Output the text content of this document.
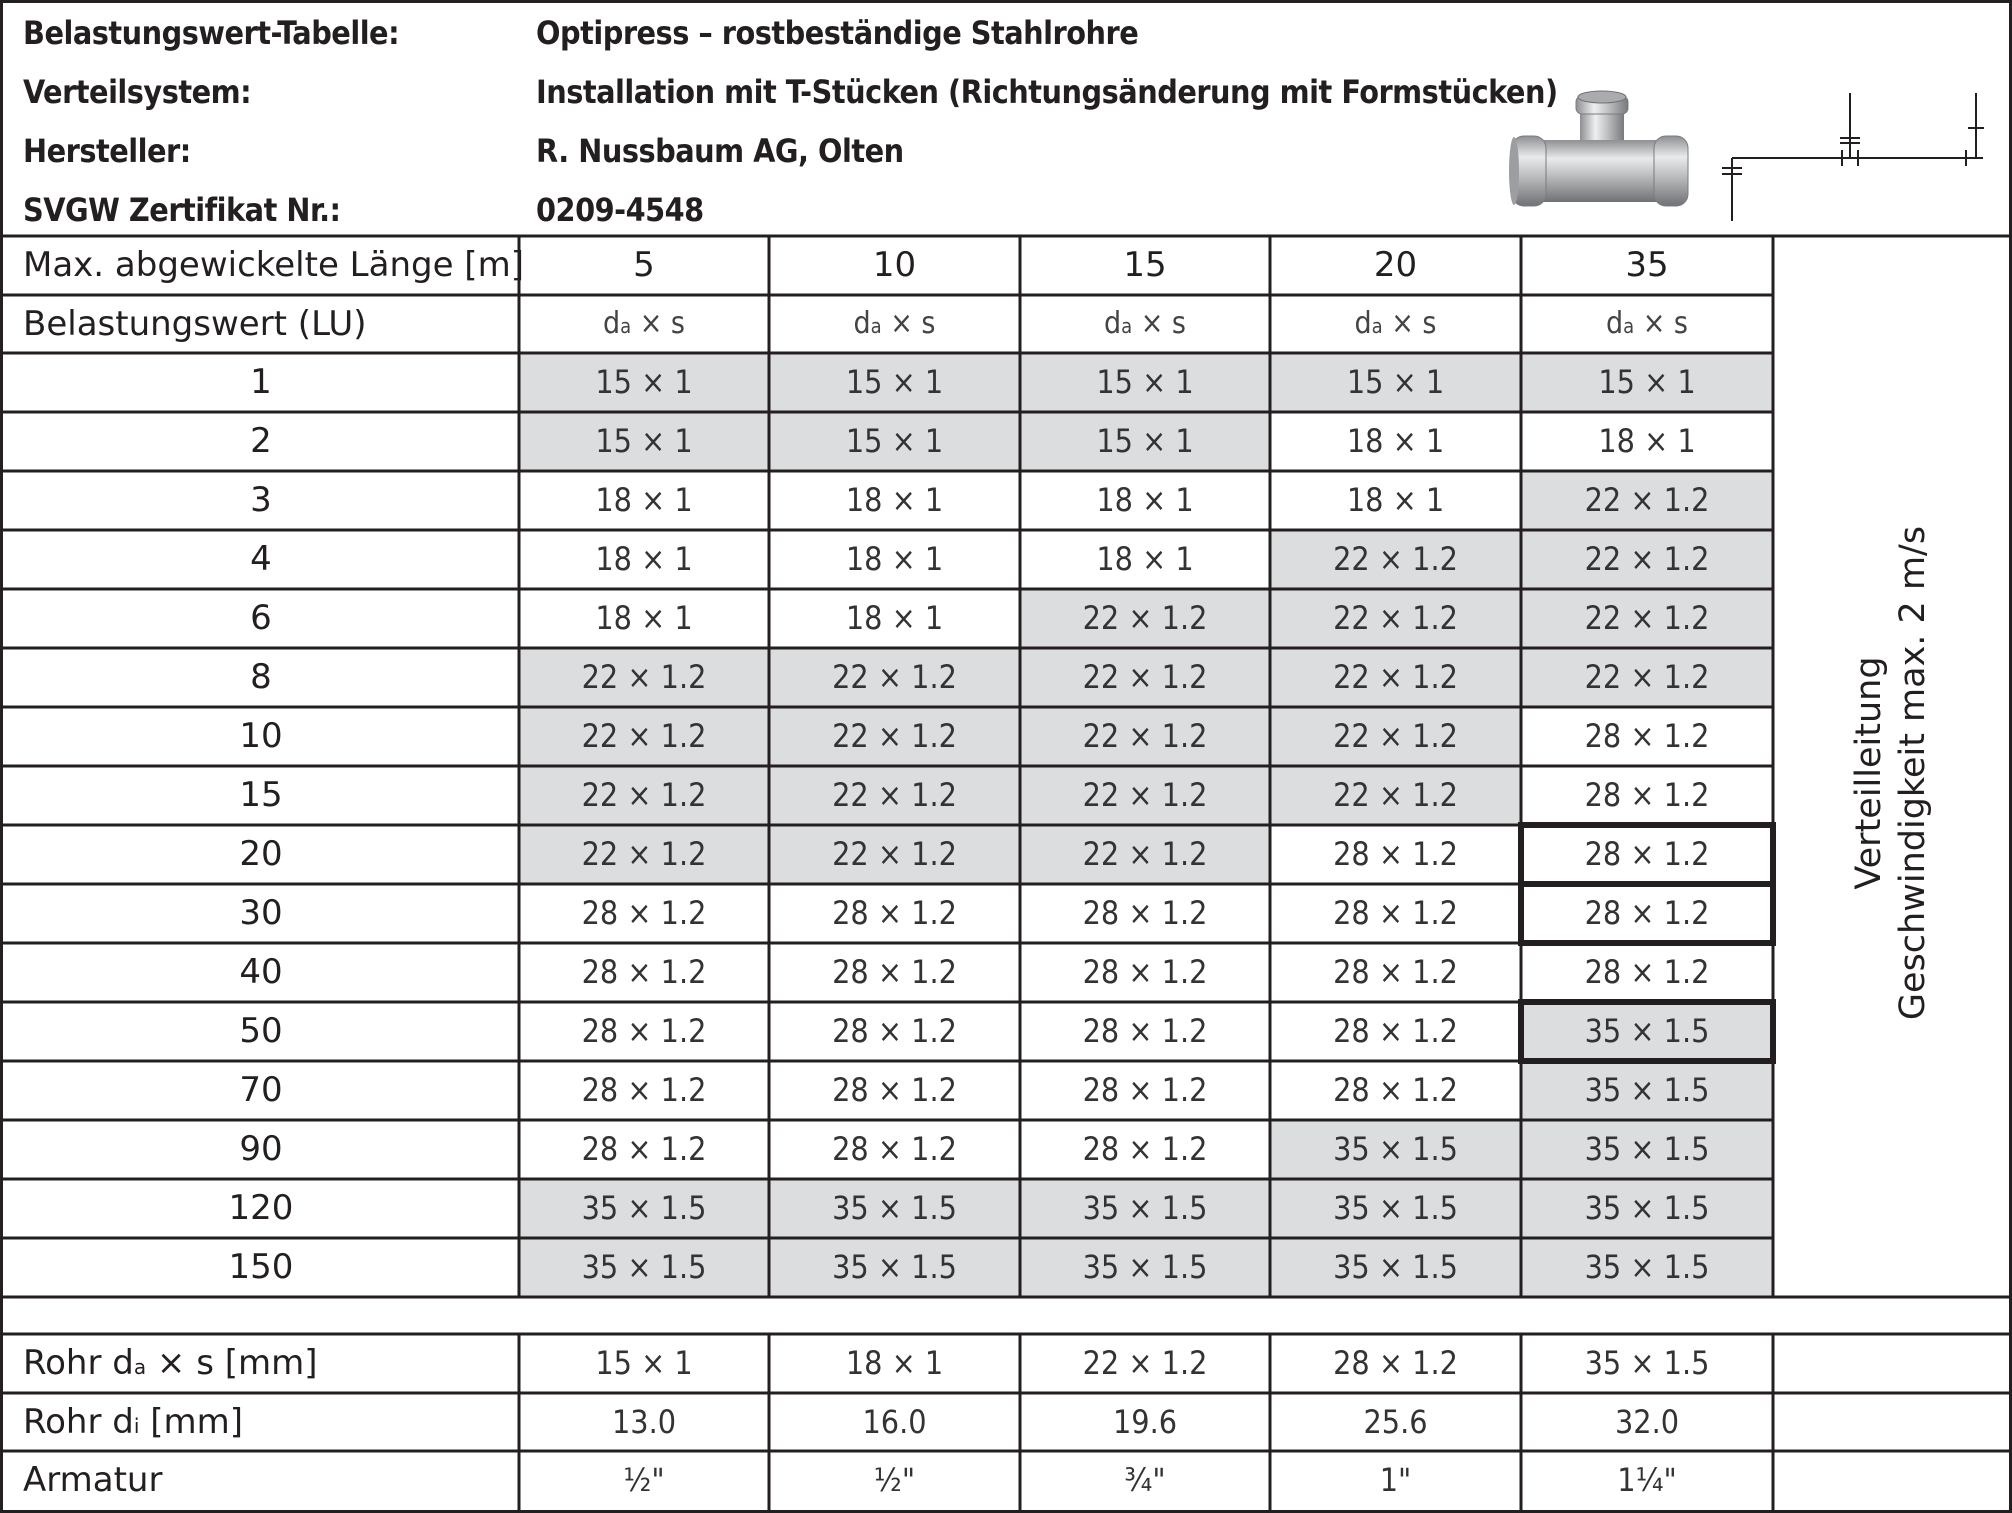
Belastungswert-Tabelle:	Optipress – rostbeständige Stahlrohre
Verteilsystem:	Installation mit T-Stücken (Richtungsänderung mit Formstücken)
Hersteller:	R. Nussbaum AG, Olten
SVGW Zertifikat Nr.:	0209-4548
Max. abgewickelte Länge [m]	5	10	15	20	35
Belastungswert (LU)	da × s	da × s	da × s	da × s	da × s
1	15 × 1	15 × 1	15 × 1	15 × 1	15 × 1
2	15 × 1	15 × 1	15 × 1	18 × 1	18 × 1
3	18 × 1	18 × 1	18 × 1	18 × 1	22 × 1.2
4	18 × 1	18 × 1	18 × 1	22 × 1.2	22 × 1.2
6	18 × 1	18 × 1	22 × 1.2	22 × 1.2	22 × 1.2
8	22 × 1.2	22 × 1.2	22 × 1.2	22 × 1.2	22 × 1.2
10	22 × 1.2	22 × 1.2	22 × 1.2	22 × 1.2	28 × 1.2
15	22 × 1.2	22 × 1.2	22 × 1.2	22 × 1.2	28 × 1.2
20	22 × 1.2	22 × 1.2	22 × 1.2	28 × 1.2	28 × 1.2
30	28 × 1.2	28 × 1.2	28 × 1.2	28 × 1.2	28 × 1.2
40	28 × 1.2	28 × 1.2	28 × 1.2	28 × 1.2	28 × 1.2
50	28 × 1.2	28 × 1.2	28 × 1.2	28 × 1.2	35 × 1.5
70	28 × 1.2	28 × 1.2	28 × 1.2	28 × 1.2	35 × 1.5
90	28 × 1.2	28 × 1.2	28 × 1.2	35 × 1.5	35 × 1.5
120	35 × 1.5	35 × 1.5	35 × 1.5	35 × 1.5	35 × 1.5
150	35 × 1.5	35 × 1.5	35 × 1.5	35 × 1.5	35 × 1.5
Rohr da × s [mm]	15 × 1	18 × 1	22 × 1.2	28 × 1.2	35 × 1.5
Rohr di [mm]	13.0	16.0	19.6	25.6	32.0
Armatur	½"	½"	¾"	1"	1¼"
Verteilleitung Geschwindigkeit max. 2 m/s
